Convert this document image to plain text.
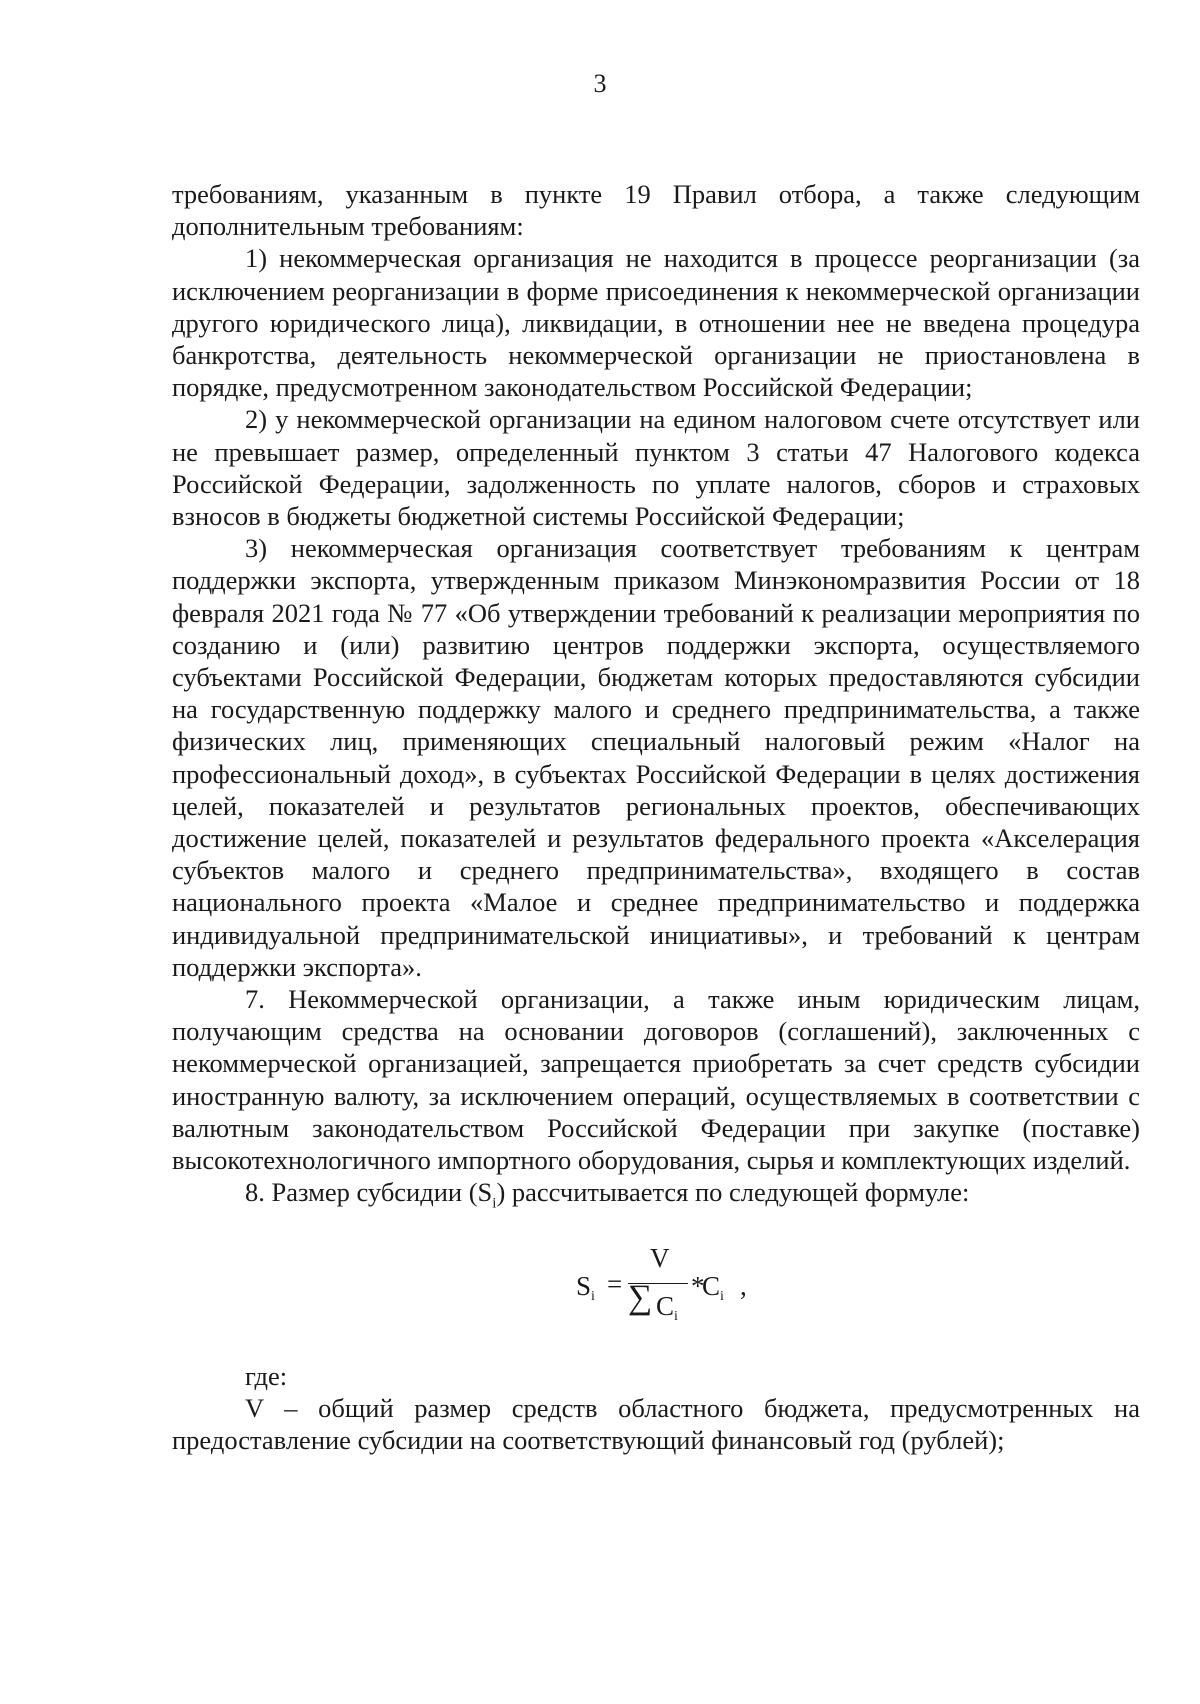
3

требованиям, указанным в пункте 19 Правил отбора, а также следующим дополнительным требованиям:

1) некоммерческая организация не находится в процессе реорганизации (за исключением реорганизации в форме присоединения к некоммерческой организации другого юридического лица), ликвидации, в отношении нее не введена процедура банкротства, деятельность некоммерческой организации не приостановлена в порядке, предусмотренном законодательством Российской Федерации;

2) у некоммерческой организации на едином налоговом счете отсутствует или не превышает размер, определенный пунктом 3 статьи 47 Налогового кодекса Российской Федерации, задолженность по уплате налогов, сборов и страховых взносов в бюджеты бюджетной системы Российской Федерации;

3) некоммерческая организация соответствует требованиям к центрам поддержки экспорта, утвержденным приказом Минэкономразвития России от 18 февраля 2021 года № 77 «Об утверждении требований к реализации мероприятия по созданию и (или) развитию центров поддержки экспорта, осуществляемого субъектами Российской Федерации, бюджетам которых предоставляются субсидии на государственную поддержку малого и среднего предпринимательства, а также физических лиц, применяющих специальный налоговый режим «Налог на профессиональный доход», в субъектах Российской Федерации в целях достижения целей, показателей и результатов региональных проектов, обеспечивающих достижение целей, показателей и результатов федерального проекта «Акселерация субъектов малого и среднего предпринимательства», входящего в состав национального проекта «Малое и среднее предпринимательство и поддержка индивидуальной предпринимательской инициативы», и требований к центрам поддержки экспорта».

7. Некоммерческой организации, а также иным юридическим лицам, получающим средства на основании договоров (соглашений), заключенных с некоммерческой организацией, запрещается приобретать за счет средств субсидии иностранную валюту, за исключением операций, осуществляемых в соответствии с валютным законодательством Российской Федерации при закупке (поставке) высокотехнологичного импортного оборудования, сырья и комплектующих изделий.

8. Размер субсидии $(S_i)$ рассчитывается по следующей формуле:

$S_i$ =
V
∑ $C_i$
*
$C_i$ ,

где:

V – общий размер средств областного бюджета, предусмотренных на предоставление субсидии на соответствующий финансовый год (рублей);
